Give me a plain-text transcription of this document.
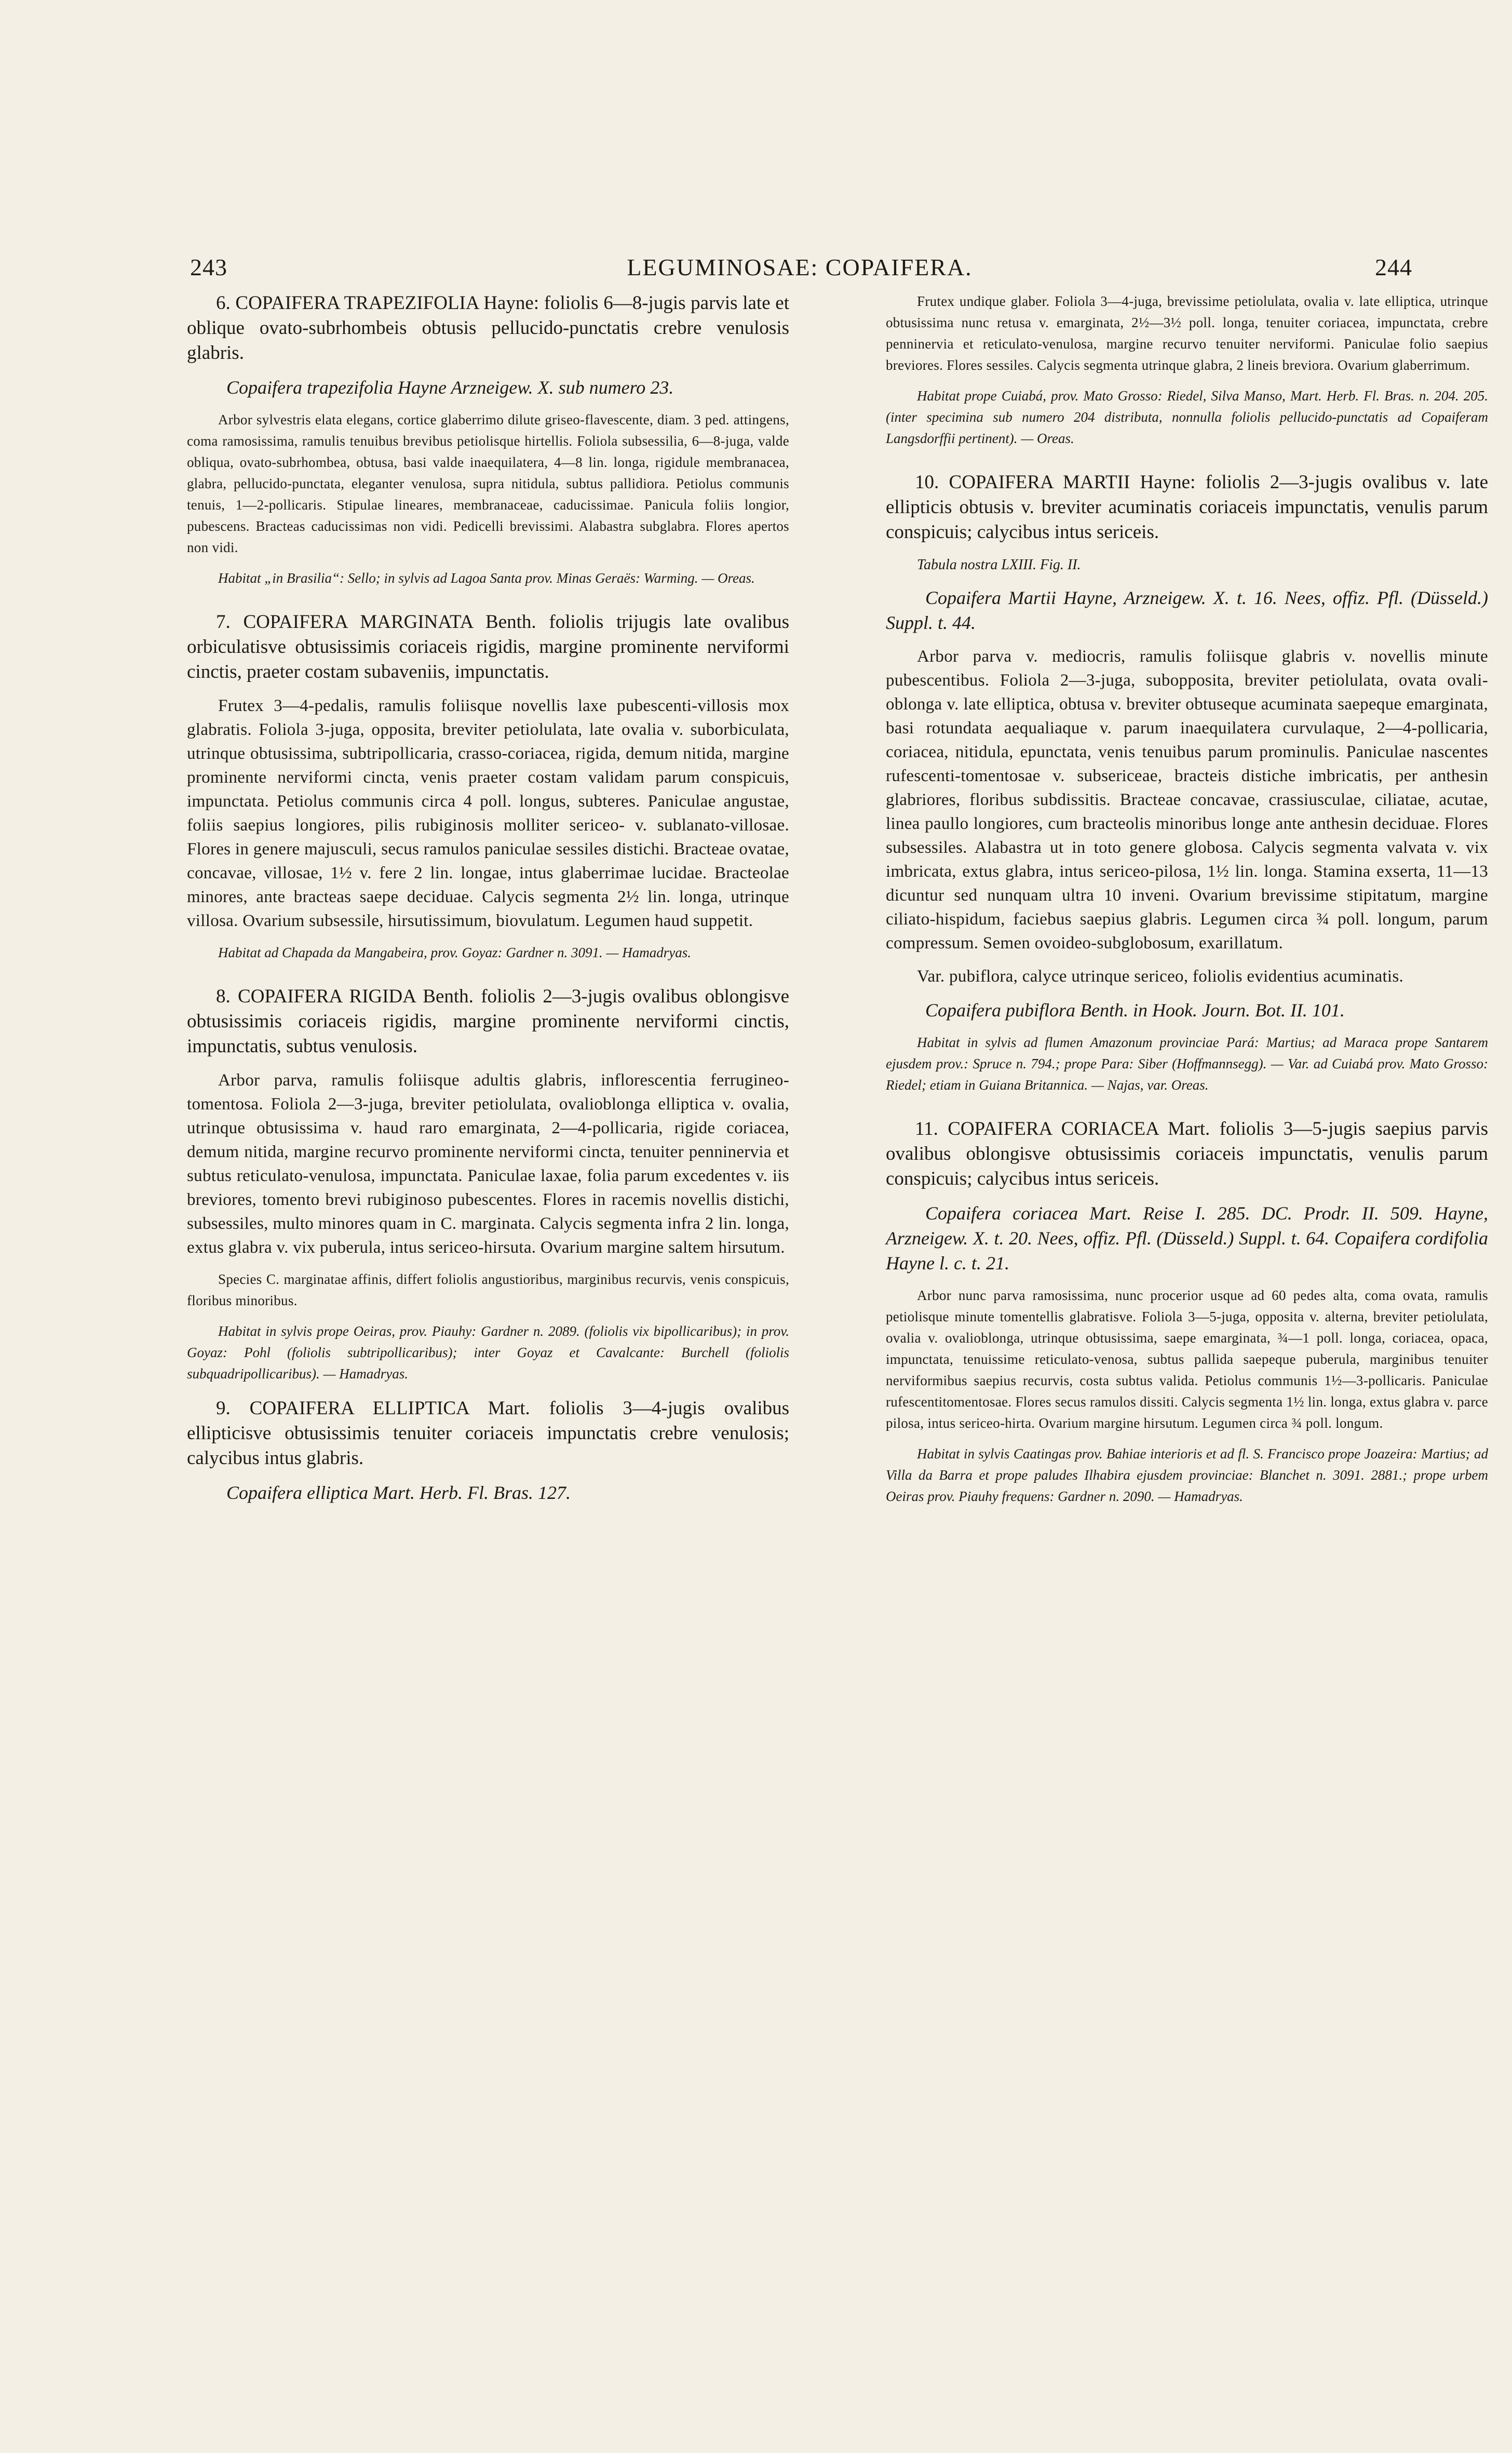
243	LEGUMINOSAE: COPAIFERA.	244

6. COPAIFERA TRAPEZIFOLIA Hayne: foliolis 6—8-jugis parvis late et oblique ovato-subrhombeis obtusis pellucido-punctatis crebre venulosis glabris.

Copaifera trapezifolia Hayne Arzneigew. X. sub numero 23.

Arbor sylvestris elata elegans, cortice glaberrimo dilute griseo-flavescente, diam. 3 ped. attingens, coma ramosissima, ramulis tenuibus brevibus petiolisque hirtellis. Foliola subsessilia, 6—8-juga, valde obliqua, ovato-subrhombea, obtusa, basi valde inaequilatera, 4—8 lin. longa, rigidule membranacea, glabra, pellucido-punctata, eleganter venulosa, supra nitidula, subtus pallidiora. Petiolus communis tenuis, 1—2-pollicaris. Stipulae lineares, membranaceae, caducissimae. Panicula foliis longior, pubescens. Bracteas caducissimas non vidi. Pedicelli brevissimi. Alabastra subglabra. Flores apertos non vidi.

Habitat „in Brasilia“: Sello; in sylvis ad Lagoa Santa prov. Minas Geraës: Warming. — Oreas.

7. COPAIFERA MARGINATA Benth. foliolis trijugis late ovalibus orbiculatisve obtusissimis coriaceis rigidis, margine prominente nerviformi cinctis, praeter costam subaveniis, impunctatis.

Frutex 3—4-pedalis, ramulis foliisque novellis laxe pubescenti-villosis mox glabratis. Foliola 3-juga, opposita, breviter petiolulata, late ovalia v. suborbiculata, utrinque obtusissima, subtripollicaria, crasso-coriacea, rigida, demum nitida, margine prominente nerviformi cincta, venis praeter costam validam parum conspicuis, impunctata. Petiolus communis circa 4 poll. longus, subteres. Paniculae angustae, foliis saepius longiores, pilis rubiginosis molliter sericeo- v. sublanato-villosae. Flores in genere majusculi, secus ramulos paniculae sessiles distichi. Bracteae ovatae, concavae, villosae, 1½ v. fere 2 lin. longae, intus glaberrimae lucidae. Bracteolae minores, ante bracteas saepe deciduae. Calycis segmenta 2½ lin. longa, utrinque villosa. Ovarium subsessile, hirsutissimum, biovulatum. Legumen haud suppetit.

Habitat ad Chapada da Mangabeira, prov. Goyaz: Gardner n. 3091. — Hamadryas.

8. COPAIFERA RIGIDA Benth. foliolis 2—3-jugis ovalibus oblongisve obtusissimis coriaceis rigidis, margine prominente nerviformi cinctis, impunctatis, subtus venulosis.

Arbor parva, ramulis foliisque adultis glabris, inflorescentia ferrugineo-tomentosa. Foliola 2—3-juga, breviter petiolulata, ovalioblonga elliptica v. ovalia, utrinque obtusissima v. haud raro emarginata, 2—4-pollicaria, rigide coriacea, demum nitida, margine recurvo prominente nerviformi cincta, tenuiter penninervia et subtus reticulato-venulosa, impunctata. Paniculae laxae, folia parum excedentes v. iis breviores, tomento brevi rubiginoso pubescentes. Flores in racemis novellis distichi, subsessiles, multo minores quam in C. marginata. Calycis segmenta infra 2 lin. longa, extus glabra v. vix puberula, intus sericeo-hirsuta. Ovarium margine saltem hirsutum.

Species C. marginatae affinis, differt foliolis angustioribus, marginibus recurvis, venis conspicuis, floribus minoribus.

Habitat in sylvis prope Oeiras, prov. Piauhy: Gardner n. 2089. (foliolis vix bipollicaribus); in prov. Goyaz: Pohl (foliolis subtripollicaribus); inter Goyaz et Cavalcante: Burchell (foliolis subquadripollicaribus). — Hamadryas.

9. COPAIFERA ELLIPTICA Mart. foliolis 3—4-jugis ovalibus ellipticisve obtusissimis tenuiter coriaceis impunctatis crebre venulosis; calycibus intus glabris.

Copaifera elliptica Mart. Herb. Fl. Bras. 127.

Frutex undique glaber. Foliola 3—4-juga, brevissime petiolulata, ovalia v. late elliptica, utrinque obtusissima nunc retusa v. emarginata, 2½—3½ poll. longa, tenuiter coriacea, impunctata, crebre penninervia et reticulato-venulosa, margine recurvo tenuiter nerviformi. Paniculae folio saepius breviores. Flores sessiles. Calycis segmenta utrinque glabra, 2 lineis breviora. Ovarium glaberrimum.

Habitat prope Cuiabá, prov. Mato Grosso: Riedel, Silva Manso, Mart. Herb. Fl. Bras. n. 204. 205. (inter specimina sub numero 204 distributa, nonnulla foliolis pellucido-punctatis ad Copaiferam Langsdorffii pertinent). — Oreas.

10. COPAIFERA MARTII Hayne: foliolis 2—3-jugis ovalibus v. late ellipticis obtusis v. breviter acuminatis coriaceis impunctatis, venulis parum conspicuis; calycibus intus sericeis.

Tabula nostra LXIII. Fig. II.

Copaifera Martii Hayne, Arzneigew. X. t. 16. Nees, offiz. Pfl. (Düsseld.) Suppl. t. 44.

Arbor parva v. mediocris, ramulis foliisque glabris v. novellis minute pubescentibus. Foliola 2—3-juga, subopposita, breviter petiolulata, ovata ovali-oblonga v. late elliptica, obtusa v. breviter obtuseque acuminata saepeque emarginata, basi rotundata aequaliaque v. parum inaequilatera curvulaque, 2—4-pollicaria, coriacea, nitidula, epunctata, venis tenuibus parum prominulis. Paniculae nascentes rufescenti-tomentosae v. subsericeae, bracteis distiche imbricatis, per anthesin glabriores, floribus subdissitis. Bracteae concavae, crassiusculae, ciliatae, acutae, linea paullo longiores, cum bracteolis minoribus longe ante anthesin deciduae. Flores subsessiles. Alabastra ut in toto genere globosa. Calycis segmenta valvata v. vix imbricata, extus glabra, intus sericeo-pilosa, 1½ lin. longa. Stamina exserta, 11—13 dicuntur sed nunquam ultra 10 inveni. Ovarium brevissime stipitatum, margine ciliato-hispidum, faciebus saepius glabris. Legumen circa ¾ poll. longum, parum compressum. Semen ovoideo-subglobosum, exarillatum.

Var. pubiflora, calyce utrinque sericeo, foliolis evidentius acuminatis.

Copaifera pubiflora Benth. in Hook. Journ. Bot. II. 101.

Habitat in sylvis ad flumen Amazonum provinciae Pará: Martius; ad Maraca prope Santarem ejusdem prov.: Spruce n. 794.; prope Para: Siber (Hoffmannsegg). — Var. ad Cuiabá prov. Mato Grosso: Riedel; etiam in Guiana Britannica. — Najas, var. Oreas.

11. COPAIFERA CORIACEA Mart. foliolis 3—5-jugis saepius parvis ovalibus oblongisve obtusissimis coriaceis impunctatis, venulis parum conspicuis; calycibus intus sericeis.

Copaifera coriacea Mart. Reise I. 285. DC. Prodr. II. 509. Hayne, Arzneigew. X. t. 20. Nees, offiz. Pfl. (Düsseld.) Suppl. t. 64. Copaifera cordifolia Hayne l. c. t. 21.

Arbor nunc parva ramosissima, nunc procerior usque ad 60 pedes alta, coma ovata, ramulis petiolisque minute tomentellis glabratisve. Foliola 3—5-juga, opposita v. alterna, breviter petiolulata, ovalia v. ovalioblonga, utrinque obtusissima, saepe emarginata, ¾—1 poll. longa, coriacea, opaca, impunctata, tenuissime reticulato-venosa, subtus pallida saepeque puberula, marginibus tenuiter nerviformibus saepius recurvis, costa subtus valida. Petiolus communis 1½—3-pollicaris. Paniculae rufescentitomentosae. Flores secus ramulos dissiti. Calycis segmenta 1½ lin. longa, extus glabra v. parce pilosa, intus sericeo-hirta. Ovarium margine hirsutum. Legumen circa ¾ poll. longum.

Habitat in sylvis Caatingas prov. Bahiae interioris et ad fl. S. Francisco prope Joazeira: Martius; ad Villa da Barra et prope paludes Ilhabira ejusdem provinciae: Blanchet n. 3091. 2881.; prope urbem Oeiras prov. Piauhy frequens: Gardner n. 2090. — Hamadryas.
